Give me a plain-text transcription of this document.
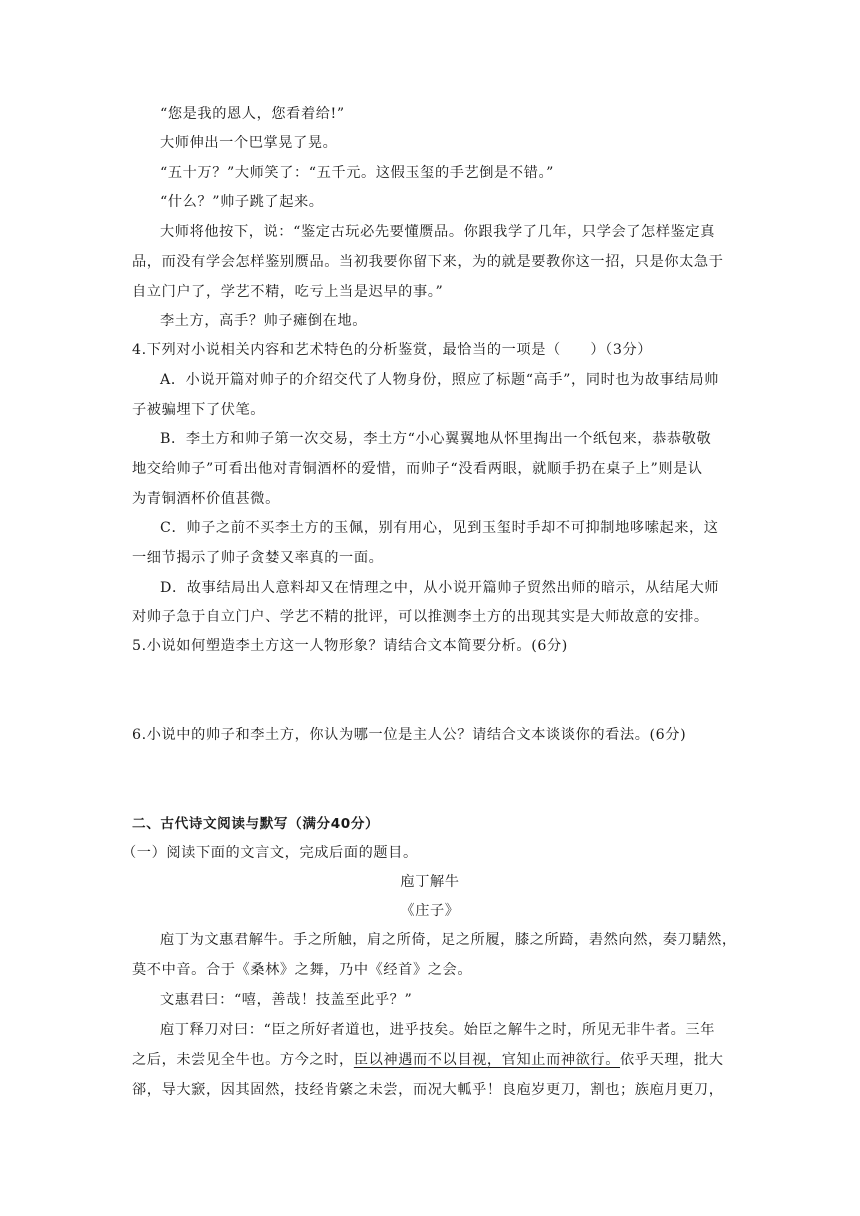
“您是我的恩人，您看着给!”
大师伸出一个巴掌晃了晃。
“五十万？”大师笑了：“五千元。这假玉玺的手艺倒是不错。”
“什么？”帅子跳了起来。
大师将他按下，说：“鉴定古玩必先要懂赝品。你跟我学了几年，只学会了怎样鉴定真
品，而没有学会怎样鉴别赝品。当初我要你留下来，为的就是要教你这一招，只是你太急于
自立门户了，学艺不精，吃亏上当是迟早的事。”
李土方，高手？帅子瘫倒在地。
4.下列对小说相关内容和艺术特色的分析鉴赏，最恰当的一项是（　　）（3分）
A．小说开篇对帅子的介绍交代了人物身份，照应了标题“高手”，同时也为故事结局帅
子被骗埋下了伏笔。
B．李土方和帅子第一次交易，李土方“小心翼翼地从怀里掏出一个纸包来，恭恭敬敬
地交给帅子”可看出他对青铜酒杯的爱惜，而帅子“没看两眼，就顺手扔在桌子上”则是认
为青铜酒杯价值甚微。
C．帅子之前不买李土方的玉佩，别有用心，见到玉玺时手却不可抑制地哆嗦起来，这
一细节揭示了帅子贪婪又率真的一面。
D．故事结局出人意料却又在情理之中，从小说开篇帅子贸然出师的暗示，从结尾大师
对帅子急于自立门户、学艺不精的批评，可以推测李土方的出现其实是大师故意的安排。
5.小说如何塑造李土方这一人物形象？请结合文本简要分析。(6分)
6.小说中的帅子和李土方，你认为哪一位是主人公？请结合文本谈谈你的看法。(6分)
二、古代诗文阅读与默写（满分40分）
（一）阅读下面的文言文，完成后面的题目。
庖丁解牛
《庄子》
庖丁为文惠君解牛。手之所触，肩之所倚，足之所履，膝之所踦，砉然向然，奏刀騞然，
莫不中音。合于《桑林》之舞，乃中《经首》之会。
文惠君曰：“嘻，善哉！技盖至此乎？”
庖丁释刀对曰：“臣之所好者道也，进乎技矣。始臣之解牛之时，所见无非牛者。三年
之后，未尝见全牛也。方今之时，臣以神遇而不以目视，官知止而神欲行。依乎天理，批大
郤，导大窾，因其固然，技经肯綮之未尝，而况大軱乎！良庖岁更刀，割也；族庖月更刀，
